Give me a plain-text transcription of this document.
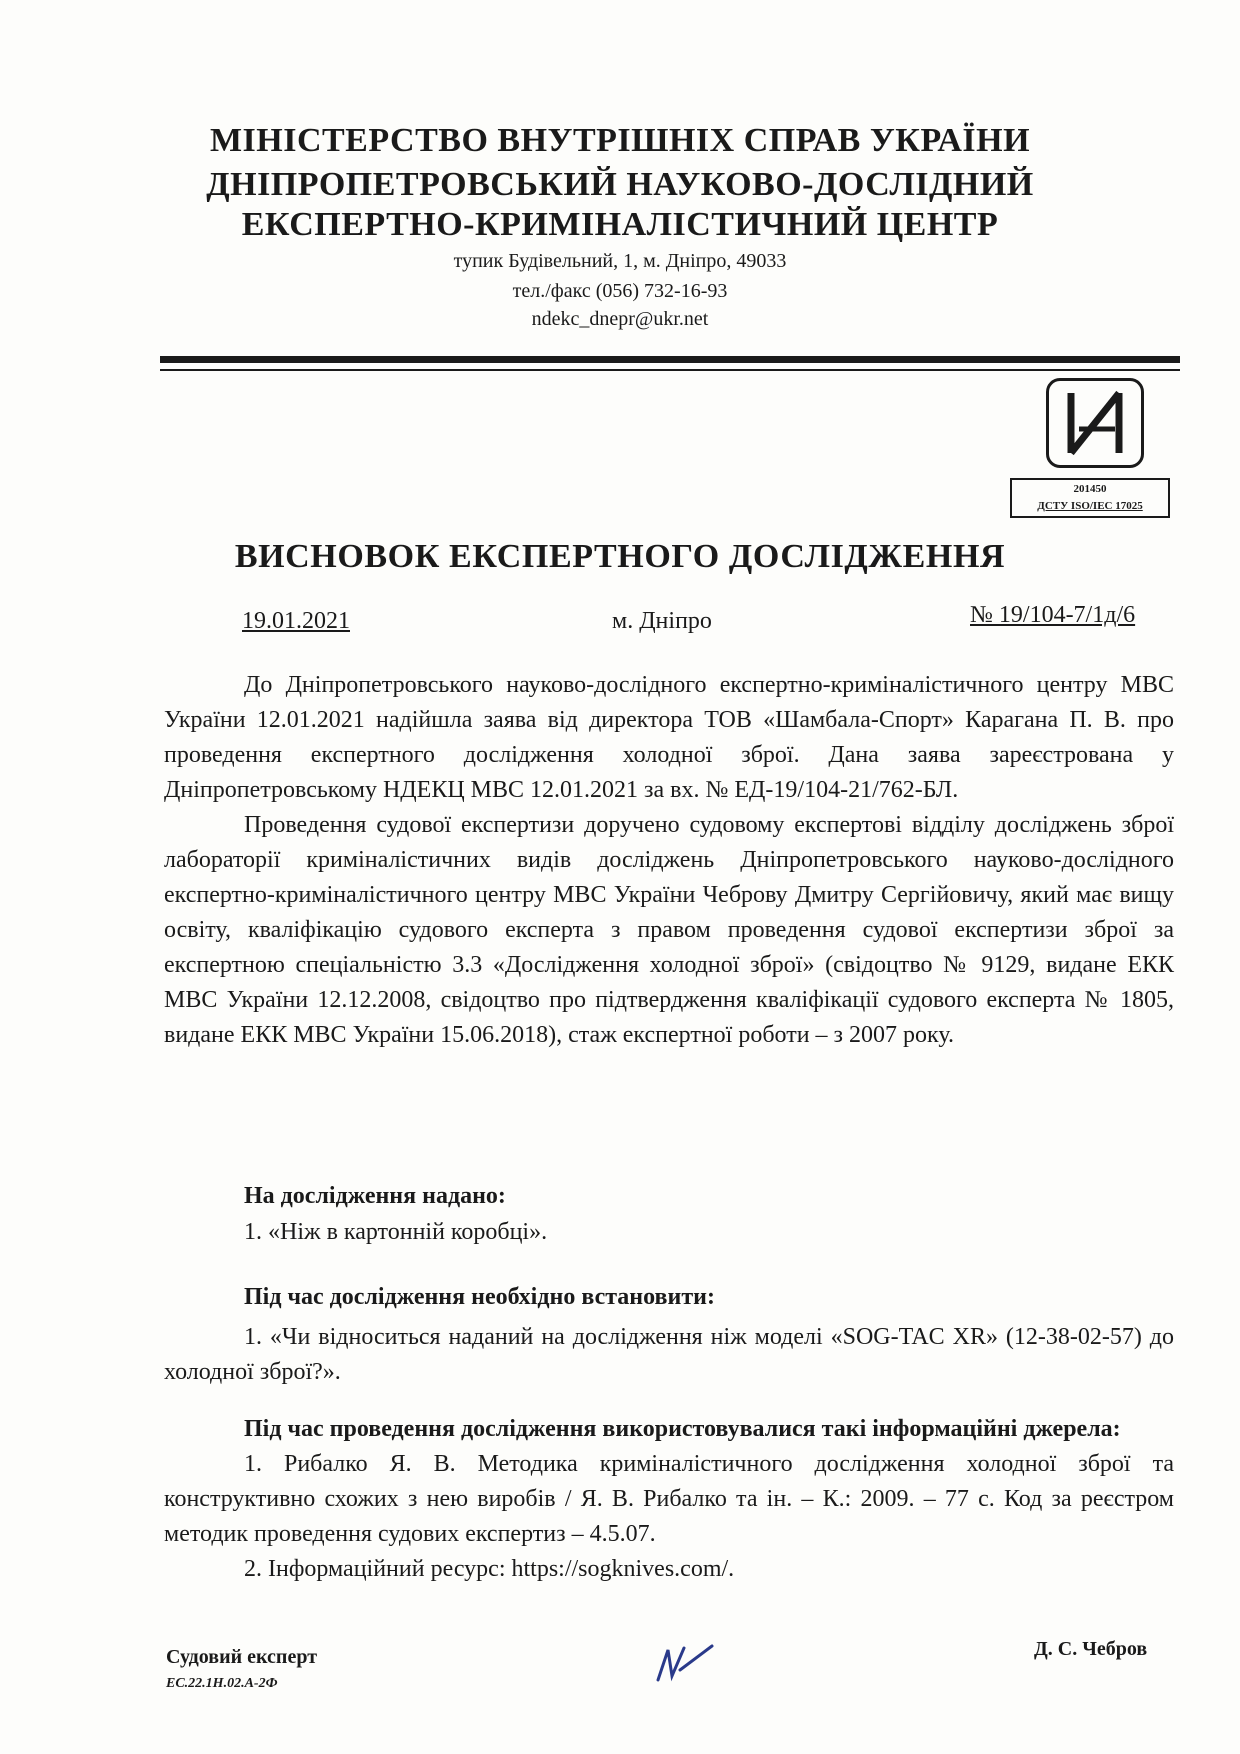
МІНІСТЕРСТВО ВНУТРІШНІХ СПРАВ УКРАЇНИ
ДНІПРОПЕТРОВСЬКИЙ НАУКОВО-ДОСЛІДНИЙ
ЕКСПЕРТНО-КРИМІНАЛІСТИЧНИЙ ЦЕНТР
тупик Будівельний, 1, м. Дніпро, 49033
тел./факс (056) 732-16-93
ndekc_dnepr@ukr.net
201450
ДСТУ ISO/IEC 17025
ВИСНОВОК ЕКСПЕРТНОГО ДОСЛІДЖЕННЯ
19.01.2021	м. Дніпро	№ 19/104-7/1д/6

До Дніпропетровського науково-дослідного експертно-криміналістичного центру МВС України 12.01.2021 надійшла заява від директора ТОВ «Шамбала-Спорт» Карагана П. В. про проведення експертного дослідження холодної зброї. Дана заява зареєстрована у Дніпропетровському НДЕКЦ МВС 12.01.2021 за вх. № ЕД-19/104-21/762-БЛ.

Проведення судової експертизи доручено судовому експертові відділу досліджень зброї лабораторії криміналістичних видів досліджень Дніпропетровського науково-дослідного експертно-криміналістичного центру МВС України Чеброву Дмитру Сергійовичу, який має вищу освіту, кваліфікацію судового експерта з правом проведення судової експертизи зброї за експертною спеціальністю 3.3 «Дослідження холодної зброї» (свідоцтво № 9129, видане ЕКК МВС України 12.12.2008, свідоцтво про підтвердження кваліфікації судового експерта № 1805, видане ЕКК МВС України 15.06.2018), стаж експертної роботи – з 2007 року.

На дослідження надано:
1. «Ніж в картонній коробці».
Під час дослідження необхідно встановити:

1. «Чи відноситься наданий на дослідження ніж моделі «SOG-TAC XR» (12-38-02-57) до холодної зброї?».

Під час проведення дослідження використовувалися такі інформаційні джерела:

1. Рибалко Я. В. Методика криміналістичного дослідження холодної зброї та конструктивно схожих з нею виробів / Я. В. Рибалко та ін. – К.: 2009. – 77 с. Код за реєстром методик проведення судових експертиз – 4.5.07.

2. Інформаційний ресурс: https://sogknives.com/.

Судовий експерт
ЕС.22.1Н.02.А-2Ф
Д. С. Чебров
